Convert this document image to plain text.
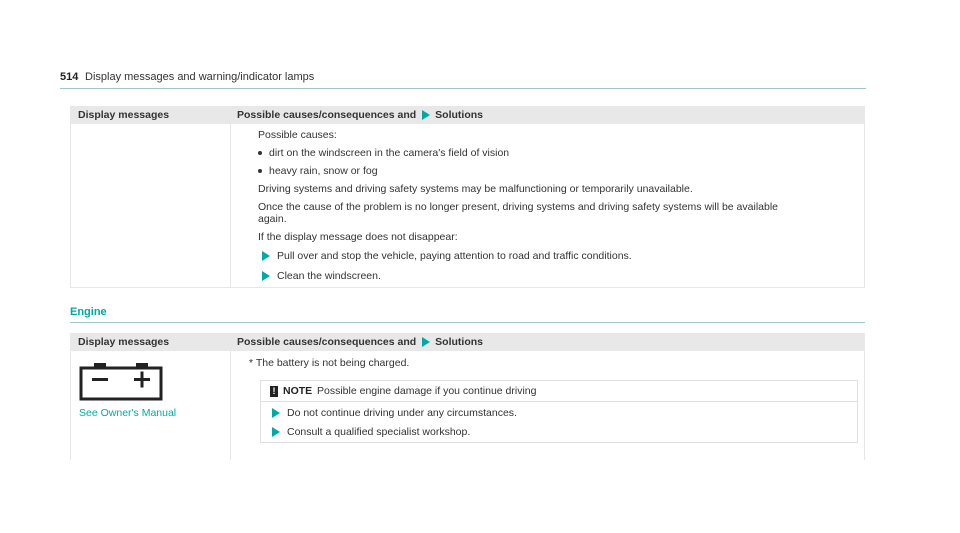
514 Display messages and warning/indicator lamps
Display messages	Possible causes/consequences and Solutions
Possible causes:
dirt on the windscreen in the camera's field of vision
heavy rain, snow or fog
Driving systems and driving safety systems may be malfunctioning or temporarily unavailable.
Once the cause of the problem is no longer present, driving systems and driving safety systems will be available
again.
If the display message does not disappear:
Pull over and stop the vehicle, paying attention to road and traffic conditions.
Clean the windscreen.
Engine
Display messages	Possible causes/consequences and Solutions
See Owner's Manual
* The battery is not being charged.
! NOTE Possible engine damage if you continue driving
Do not continue driving under any circumstances.
Consult a qualified specialist workshop.
